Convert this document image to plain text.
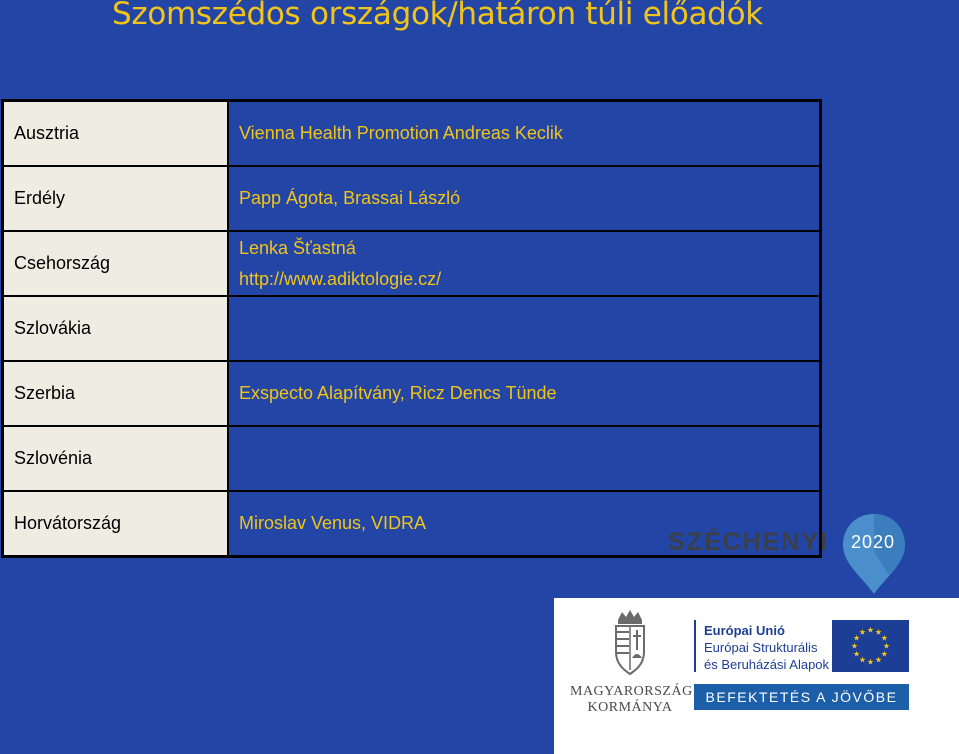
Szomszédos országok/határon túli előadók
Ausztria	Vienna Health Promotion Andreas Keclik

Erdély	Papp Ágota, Brassai László

Csehország	Lenka Šťastná
http://www.adiktologie.cz/

Szlovákia	
Szerbia	Exspecto Alapítvány, Ricz Dencs Tünde

Szlovénia	
Horvátország	Miroslav Venus, VIDRA
SZÉCHENYI	2020
MAGYARORSZÁG
KORMÁNYA
Európai Unió
Európai Strukturális
és Beruházási Alapok
BEFEKTETÉS A JÖVŐBE
